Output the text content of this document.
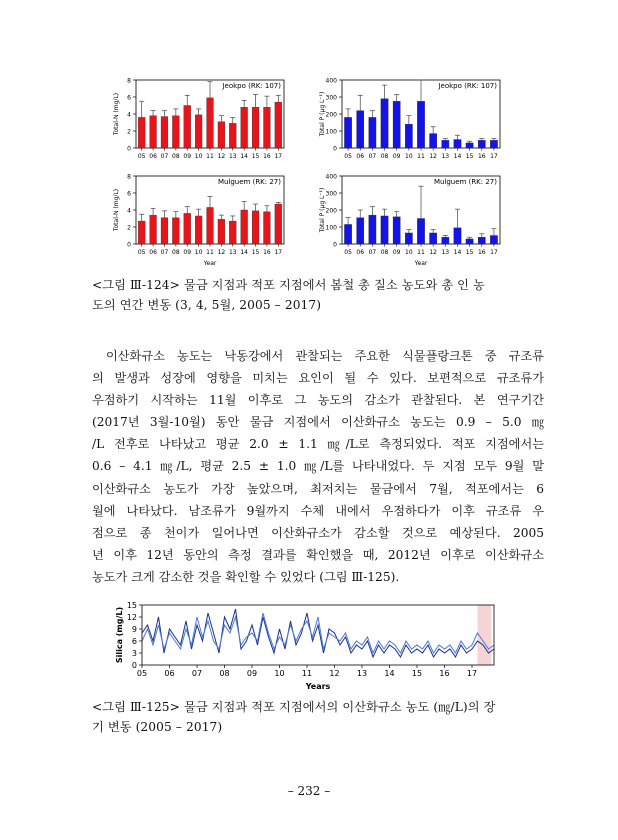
0
2
4
6
8
05 06 07 08 09 10 11 12 13 14 15 16 17
Jeokpo (RK: 107)
Total-N (mg/L)
0
100
200
300
400
05 06 07 08 09 10 11 12 13 14 15 16 17
Jeokpo (RK: 107)
Total P (μg L⁻¹)
0
2
4
6
8
05 06 07 08 09 10 11 12 13 14 15 16 17
Mulguem (RK: 27)
Total-N (mg/L)
Year
0
100
200
300
400
05 06 07 08 09 10 11 12 13 14 15 16 17
Mulguem (RK: 27)
Total P (μg L⁻¹)
Year
<그림 Ⅲ-124> 물금 지점과 적포 지점에서 봄철 총 질소 농도와 총 인 농
도의 연간 변동 (3, 4, 5월, 2005 – 2017)
이산화규소 농도는 낙동강에서 관찰되는 주요한 식물플랑크톤 중 규조류
의 발생과 성장에 영향을 미치는 요인이 될 수 있다. 보편적으로 규조류가
우점하기 시작하는 11월 이후로 그 농도의 감소가 관찰된다. 본 연구기간
(2017년 3월-10월) 동안 물금 지점에서 이산화규소 농도는 0.9 – 5.0 ㎎
/L 전후로 나타났고 평균 2.0 ± 1.1 ㎎/L로 측정되었다. 적포 지점에서는
0.6 – 4.1 ㎎/L, 평균 2.5 ± 1.0 ㎎/L를 나타내었다. 두 지점 모두 9월 말
이산화규소 농도가 가장 높았으며, 최저치는 물금에서 7월, 적포에서는 6
월에 나타났다. 남조류가 9월까지 수체 내에서 우점하다가 이후 규조류 우
점으로 종 천이가 일어나면 이산화규소가 감소할 것으로 예상된다. 2005
년 이후 12년 동안의 측정 결과를 확인했을 때, 2012년 이후로 이산화규소
농도가 크게 감소한 것을 확인할 수 있었다 (그림 Ⅲ-125).
0
3
6
9
12
15
05 06 07 08 09 10 11 12 13 14 15 16 17
Years
Silica (mg/L)
<그림 Ⅲ-125> 물금 지점과 적포 지점에서의 이산화규소 농도 (㎎/L)의 장
기 변동 (2005 – 2017)
– 232 –
